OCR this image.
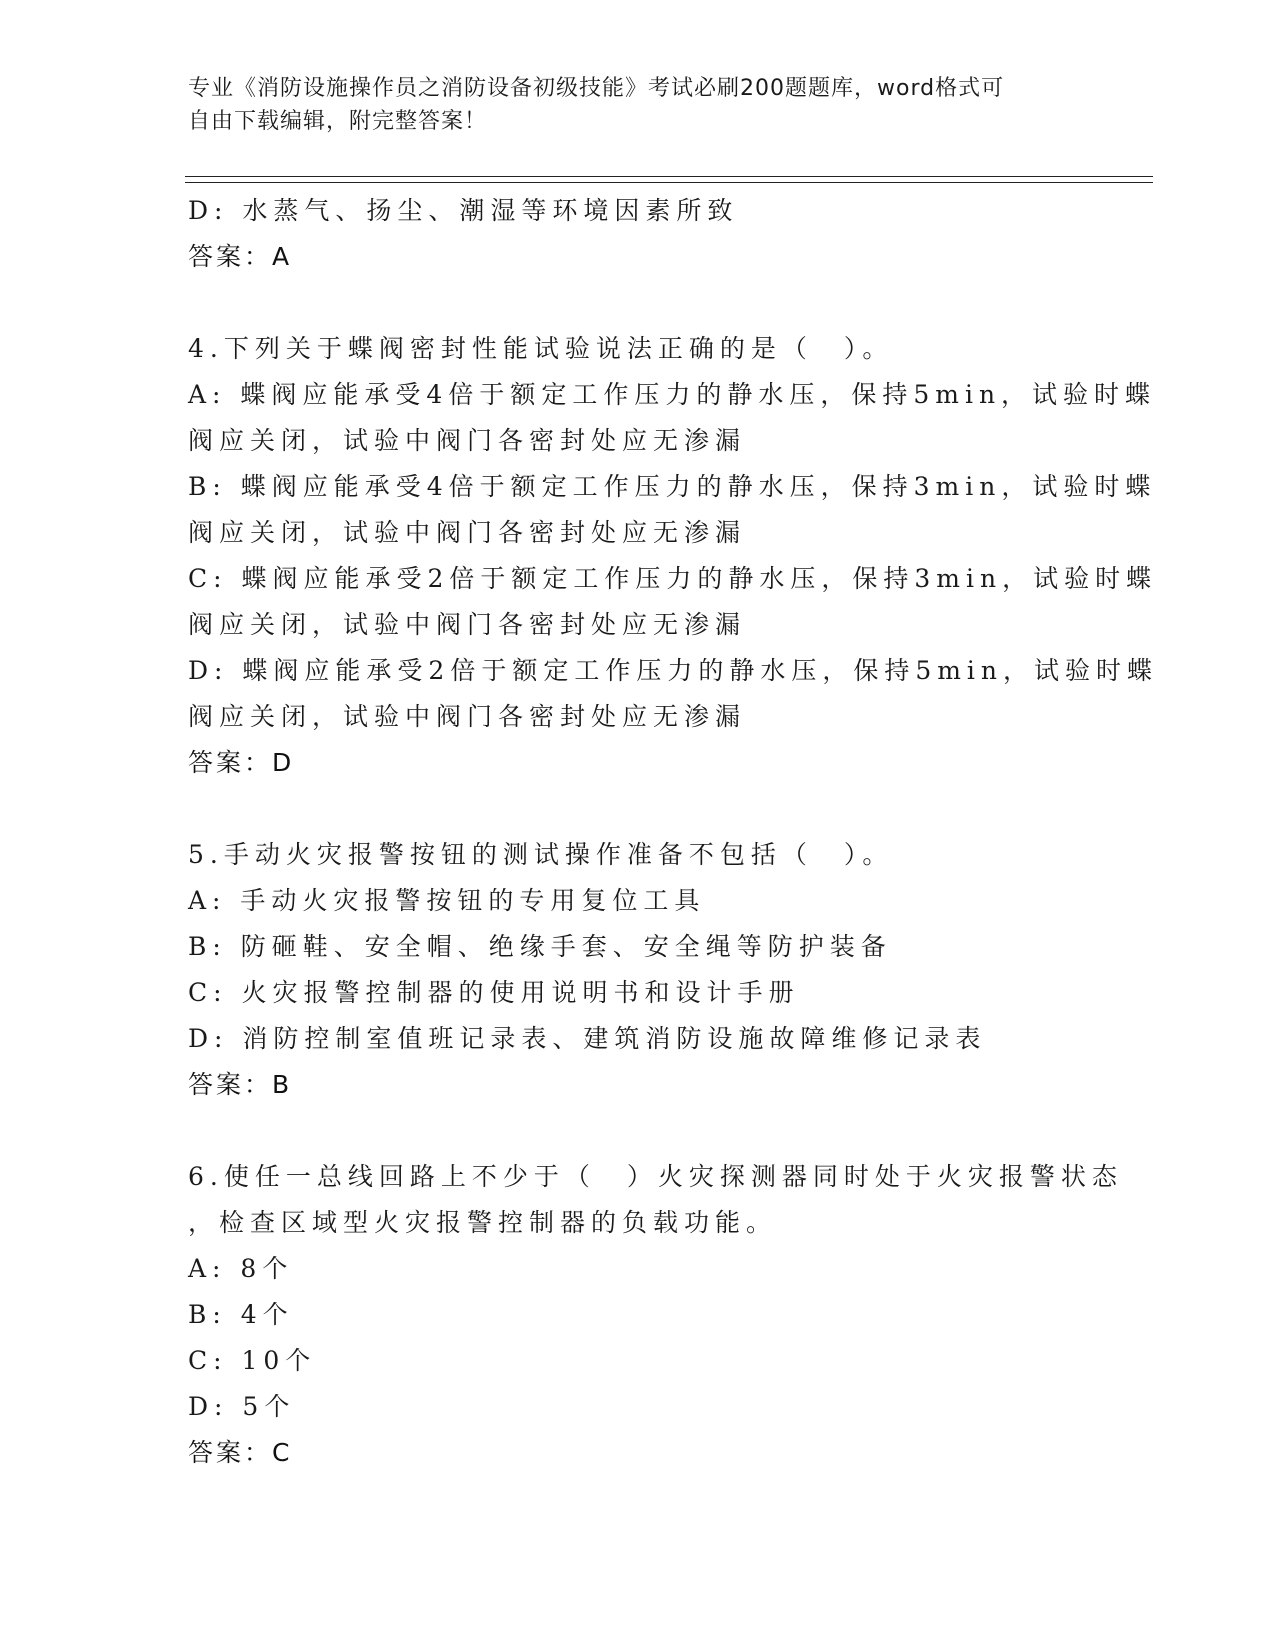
专业《消防设施操作员之消防设备初级技能》考试必刷200题题库，word格式可
自由下载编辑，附完整答案！
D: 水蒸气、扬尘、潮湿等环境因素所致
答案：A
4.下列关于蝶阀密封性能试验说法正确的是（　）。
A: 蝶阀应能承受4倍于额定工作压力的静水压，保持5min，试验时蝶
阀应关闭，试验中阀门各密封处应无渗漏
B: 蝶阀应能承受4倍于额定工作压力的静水压，保持3min，试验时蝶
阀应关闭，试验中阀门各密封处应无渗漏
C: 蝶阀应能承受2倍于额定工作压力的静水压，保持3min，试验时蝶
阀应关闭，试验中阀门各密封处应无渗漏
D: 蝶阀应能承受2倍于额定工作压力的静水压，保持5min，试验时蝶
阀应关闭，试验中阀门各密封处应无渗漏
答案：D
5.手动火灾报警按钮的测试操作准备不包括（　）。
A: 手动火灾报警按钮的专用复位工具
B: 防砸鞋、安全帽、绝缘手套、安全绳等防护装备
C: 火灾报警控制器的使用说明书和设计手册
D: 消防控制室值班记录表、建筑消防设施故障维修记录表
答案：B
6.使任一总线回路上不少于（　）火灾探测器同时处于火灾报警状态
，检查区域型火灾报警控制器的负载功能。
A: 8个
B: 4个
C: 10个
D: 5个
答案：C
